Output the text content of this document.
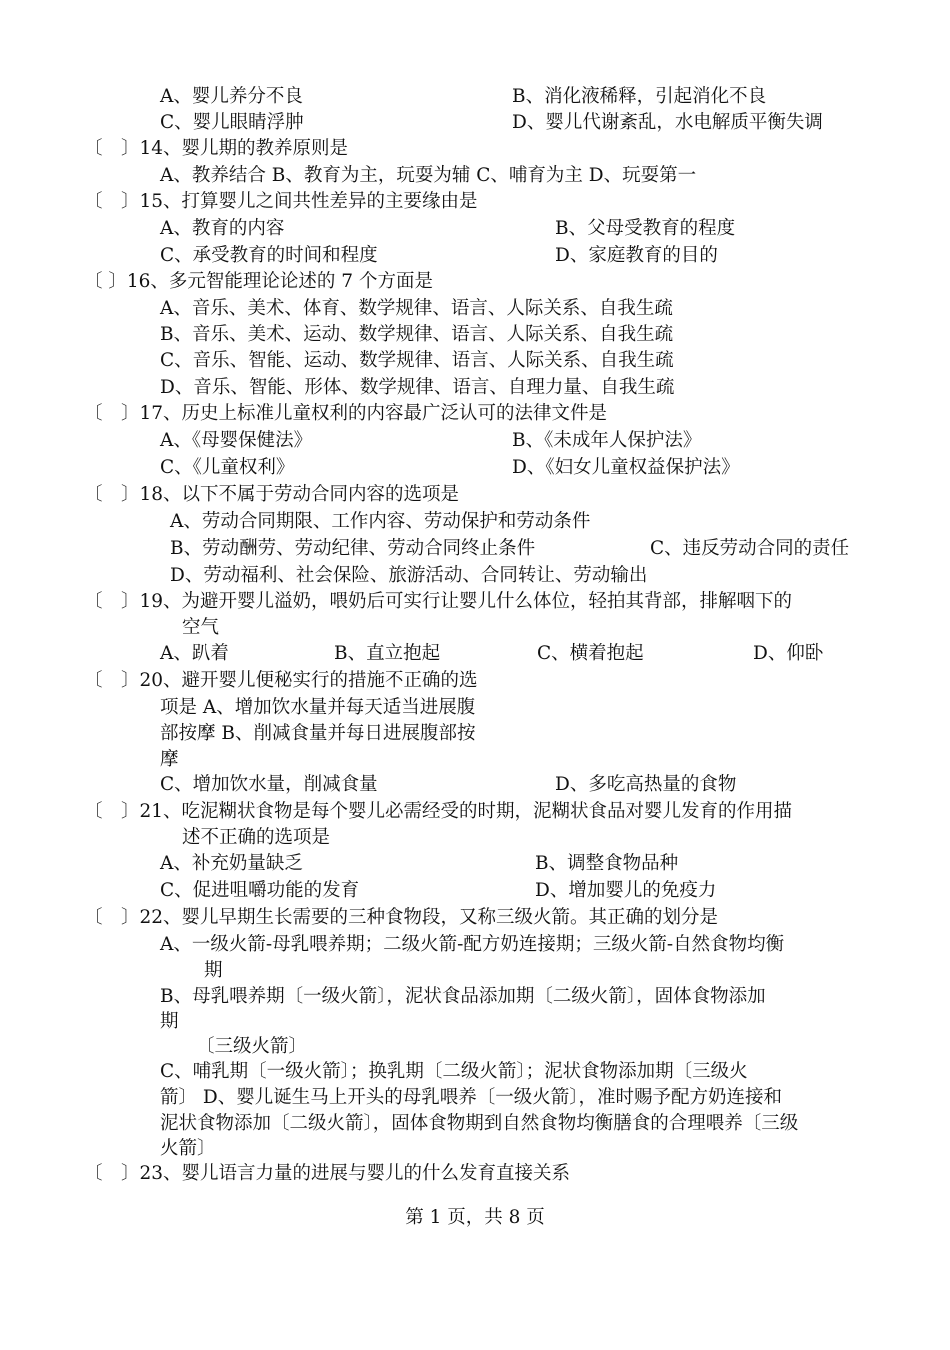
A、婴儿养分不良	B、消化液稀释，引起消化不良
C、婴儿眼睛浮肿	D、婴儿代谢紊乱，水电解质平衡失调
〔　〕14、婴儿期的教养原则是
A、教养结合 B、教育为主，玩耍为辅 C、哺育为主 D、玩耍第一
〔　〕15、打算婴儿之间共性差异的主要缘由是
A、教育的内容	B、父母受教育的程度
C、承受教育的时间和程度	D、家庭教育的目的
〔 〕16、多元智能理论论述的 7 个方面是
A、音乐、美术、体育、数学规律、语言、人际关系、自我生疏
B、音乐、美术、运动、数学规律、语言、人际关系、自我生疏
C、音乐、智能、运动、数学规律、语言、人际关系、自我生疏
D、音乐、智能、形体、数学规律、语言、自理力量、自我生疏
〔　〕17、历史上标准儿童权利的内容最广泛认可的法律文件是
A、《母婴保健法》	B、《未成年人保护法》
C、《儿童权利》	D、《妇女儿童权益保护法》
〔　〕18、以下不属于劳动合同内容的选项是
A、劳动合同期限、工作内容、劳动保护和劳动条件
B、劳动酬劳、劳动纪律、劳动合同终止条件	C、违反劳动合同的责任
D、劳动福利、社会保险、旅游活动、合同转让、劳动输出
〔　〕19、为避开婴儿溢奶，喂奶后可实行让婴儿什么体位，轻拍其背部，排解咽下的
空气
A、趴着	B、直立抱起	C、横着抱起	D、仰卧
〔　〕20、避开婴儿便秘实行的措施不正确的选
项是 A、增加饮水量并每天适当进展腹
部按摩 B、削减食量并每日进展腹部按
摩
C、增加饮水量，削减食量	D、多吃高热量的食物
〔　〕21、吃泥糊状食物是每个婴儿必需经受的时期，泥糊状食品对婴儿发育的作用描
述不正确的选项是
A、补充奶量缺乏	B、调整食物品种
C、促进咀嚼功能的发育	D、增加婴儿的免疫力
〔　〕22、婴儿早期生长需要的三种食物段，又称三级火箭。其正确的划分是
A、一级火箭-母乳喂养期；二级火箭-配方奶连接期；三级火箭-自然食物均衡
期
B、母乳喂养期〔一级火箭〕，泥状食品添加期〔二级火箭〕，固体食物添加
期
〔三级火箭〕
C、哺乳期〔一级火箭〕；换乳期〔二级火箭〕；泥状食物添加期〔三级火
箭〕 D、婴儿诞生马上开头的母乳喂养〔一级火箭〕，准时赐予配方奶连接和
泥状食物添加〔二级火箭〕，固体食物期到自然食物均衡膳食的合理喂养〔三级
火箭〕
〔　〕23、婴儿语言力量的进展与婴儿的什么发育直接关系
第 1 页，共 8 页
